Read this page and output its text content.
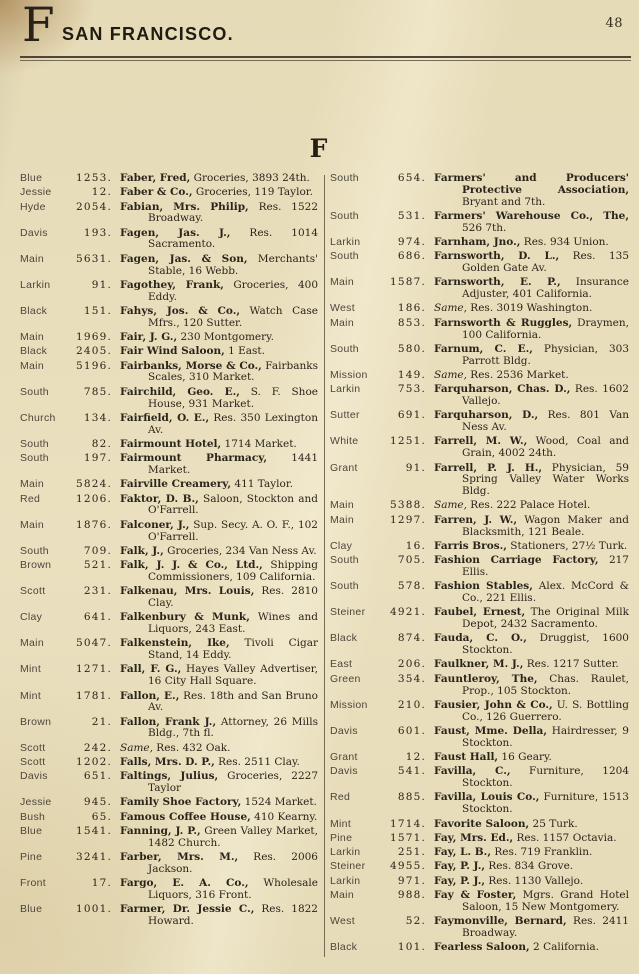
F SAN FRANCISCO.
48
F
Blue	1253. Faber, Fred, Groceries, 3893 24th.
Jessie	12. Faber & Co., Groceries, 119 Taylor.
Hyde	2054. Fabian, Mrs. Philip, Res. 1522 Broadway.
Davis	193. Fagen, Jas. J., Res. 1014 Sacramento.
Main	5631. Fagen, Jas. & Son, Merchants' Stable, 16 Webb.
Larkin	91. Fagothey, Frank, Groceries, 400 Eddy.
Black	151. Fahys, Jos. & Co., Watch Case Mfrs., 120 Sutter.
Main	1969. Fair, J. G., 230 Montgomery.
Black	2405. Fair Wind Saloon, 1 East.
Main	5196. Fairbanks, Morse & Co., Fairbanks Scales, 310 Market.
South	785. Fairchild, Geo. E., S. F. Shoe House, 931 Market.
Church	134. Fairfield, O. E., Res. 350 Lexington Av.
South	82. Fairmount Hotel, 1714 Market.
South	197. Fairmount Pharmacy, 1441 Market.
Main	5824. Fairville Creamery, 411 Taylor.
Red	1206. Faktor, D. B., Saloon, Stockton and O'Farrell.
Main	1876. Falconer, J., Sup. Secy. A. O. F., 102 O'Farrell.
South	709. Falk, J., Groceries, 234 Van Ness Av.
Brown	521. Falk, J. J. & Co., Ltd., Shipping Commissioners, 109 California.
Scott	231. Falkenau, Mrs. Louis, Res. 2810 Clay.
Clay	641. Falkenbury & Munk, Wines and Liquors, 243 East.
Main	5047. Falkenstein, Ike, Tivoli Cigar Stand, 14 Eddy.
Mint	1271. Fall, F. G., Hayes Valley Advertiser, 16 City Hall Square.
Mint	1781. Fallon, E., Res. 18th and San Bruno Av.
Brown	21. Fallon, Frank J., Attorney, 26 Mills Bldg., 7th fl.
Scott	242. Same, Res. 432 Oak.
Scott	1202. Falls, Mrs. D. P., Res. 2511 Clay.
Davis	651. Faltings, Julius, Groceries, 2227 Taylor
Jessie	945. Family Shoe Factory, 1524 Market.
Bush	65. Famous Coffee House, 410 Kearny.
Blue	1541. Fanning, J. P., Green Valley Market, 1482 Church.
Pine	3241. Farber, Mrs. M., Res. 2006 Jackson.
Front	17. Fargo, E. A. Co., Wholesale Liquors, 316 Front.
Blue	1001. Farmer, Dr. Jessie C., Res. 1822 Howard.
South	654. Farmers' and Producers' Protective Association, Bryant and 7th.
South	531. Farmers' Warehouse Co., The, 526 7th.
Larkin	974. Farnham, Jno., Res. 934 Union.
South	686. Farnsworth, D. L., Res. 135 Golden Gate Av.
Main	1587. Farnsworth, E. P., Insurance Adjuster, 401 California.
West	186. Same, Res. 3019 Washington.
Main	853. Farnsworth & Ruggles, Draymen, 100 California.
South	580. Farnum, C. E., Physician, 303 Parrott Bldg.
Mission	149. Same, Res. 2536 Market.
Larkin	753. Farquharson, Chas. D., Res. 1602 Vallejo.
Sutter	691. Farquharson, D., Res. 801 Van Ness Av.
White	1251. Farrell, M. W., Wood, Coal and Grain, 4002 24th.
Grant	91. Farrell, P. J. H., Physician, 59 Spring Valley Water Works Bldg.
Main	5388. Same, Res. 222 Palace Hotel.
Main	1297. Farren, J. W., Wagon Maker and Blacksmith, 121 Beale.
Clay	16. Farris Bros., Stationers, 27½ Turk.
South	705. Fashion Carriage Factory, 217 Ellis.
South	578. Fashion Stables, Alex. McCord & Co., 221 Ellis.
Steiner	4921. Faubel, Ernest, The Original Milk Depot, 2432 Sacramento.
Black	874. Fauda, C. O., Druggist, 1600 Stockton.
East	206. Faulkner, M. J., Res. 1217 Sutter.
Green	354. Fauntleroy, The, Chas. Raulet, Prop., 105 Stockton.
Mission	210. Fausier, John & Co., U. S. Bottling Co., 126 Guerrero.
Davis	601. Faust, Mme. Della, Hairdresser, 9 Stockton.
Grant	12. Faust Hall, 16 Geary.
Davis	541. Favilla, C., Furniture, 1204 Stockton.
Red	885. Favilla, Louis Co., Furniture, 1513 Stockton.
Mint	1714. Favorite Saloon, 25 Turk.
Pine	1571. Fay, Mrs. Ed., Res. 1157 Octavia.
Larkin	251. Fay, L. B., Res. 719 Franklin.
Steiner	4955. Fay, P. J., Res. 834 Grove.
Larkin	971. Fay, P. J., Res. 1130 Vallejo.
Main	988. Fay & Foster, Mgrs. Grand Hotel Saloon, 15 New Montgomery.
West	52. Faymonville, Bernard, Res. 2411 Broadway.
Black	101. Fearless Saloon, 2 California.
